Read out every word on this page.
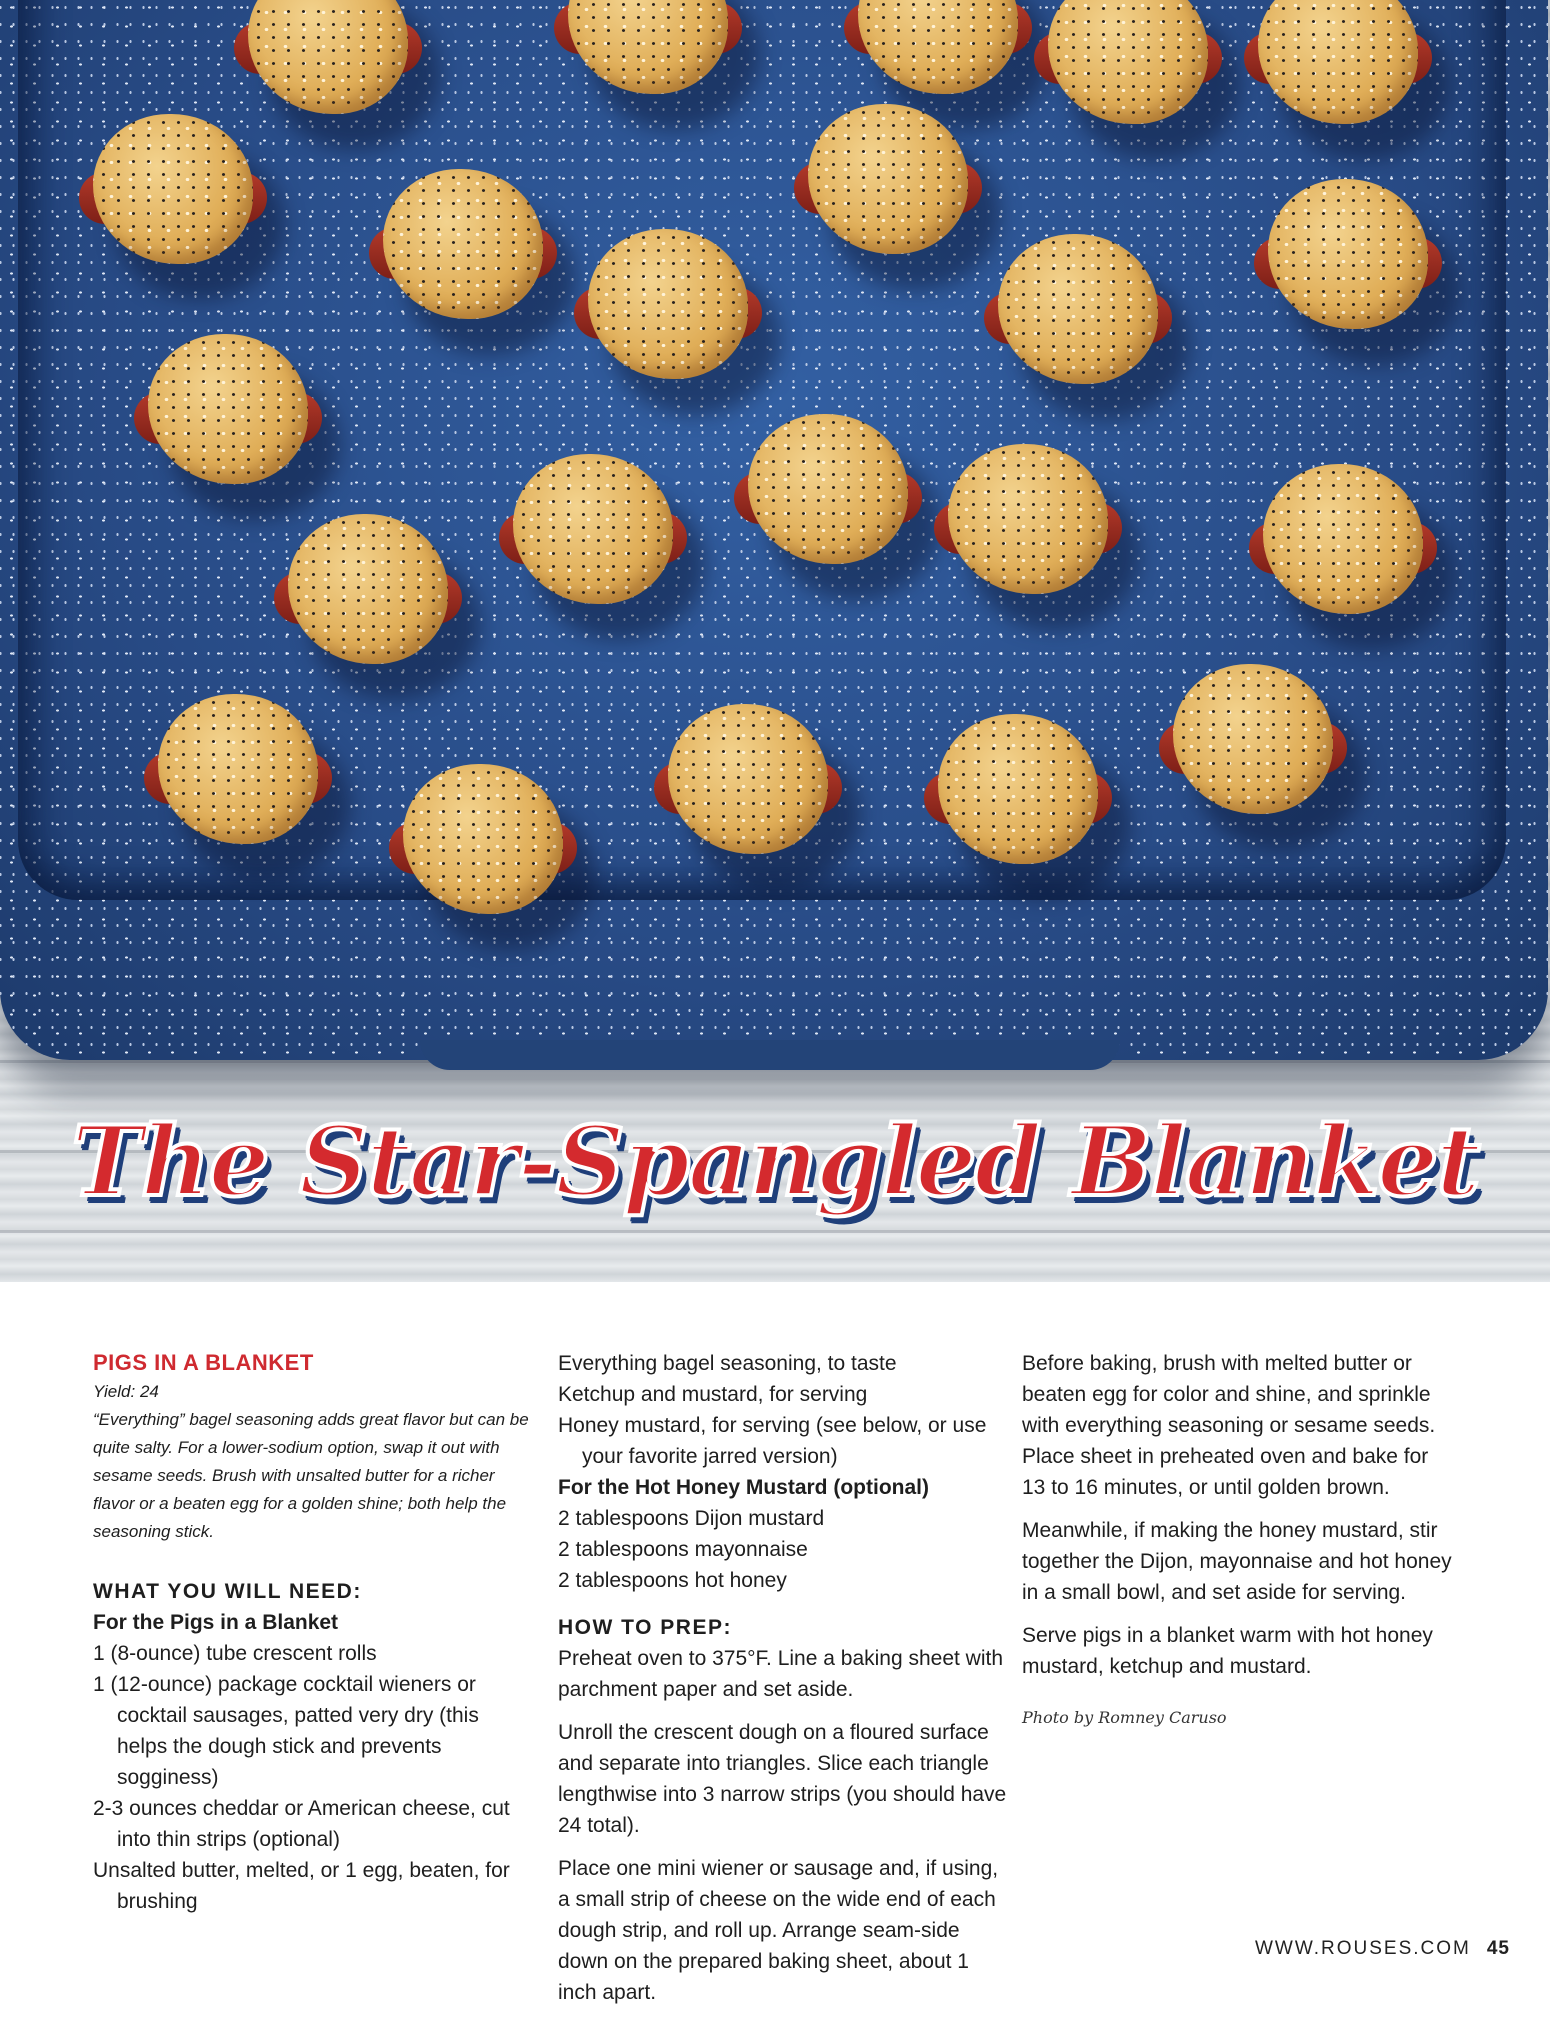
The Star-Spangled Blanket
PIGS IN A BLANKET
Yield: 24
“Everything” bagel seasoning adds great flavor but can be quite salty. For a lower-sodium option, swap it out with sesame seeds. Brush with unsalted butter for a richer flavor or a beaten egg for a golden shine; both help the seasoning stick.
WHAT YOU WILL NEED:
For the Pigs in a Blanket
1 (8-ounce) tube crescent rolls
1 (12-ounce) package cocktail wieners or cocktail sausages, patted very dry (this helps the dough stick and prevents sogginess)
2-3 ounces cheddar or American cheese, cut into thin strips (optional)
Unsalted butter, melted, or 1 egg, beaten, for brushing
Everything bagel seasoning, to taste
Ketchup and mustard, for serving
Honey mustard, for serving (see below, or use your favorite jarred version)
For the Hot Honey Mustard (optional)
2 tablespoons Dijon mustard
2 tablespoons mayonnaise
2 tablespoons hot honey
HOW TO PREP:
Preheat oven to 375°F. Line a baking sheet with parchment paper and set aside.
Unroll the crescent dough on a floured surface and separate into triangles. Slice each triangle lengthwise into 3 narrow strips (you should have 24 total).
Place one mini wiener or sausage and, if using, a small strip of cheese on the wide end of each dough strip, and roll up. Arrange seam-side down on the prepared baking sheet, about 1 inch apart.
Before baking, brush with melted butter or beaten egg for color and shine, and sprinkle with everything seasoning or sesame seeds. Place sheet in preheated oven and bake for 13 to 16 minutes, or until golden brown.
Meanwhile, if making the honey mustard, stir together the Dijon, mayonnaise and hot honey in a small bowl, and set aside for serving.
Serve pigs in a blanket warm with hot honey mustard, ketchup and mustard.
Photo by Romney Caruso
WWW.ROUSES.COM 45
